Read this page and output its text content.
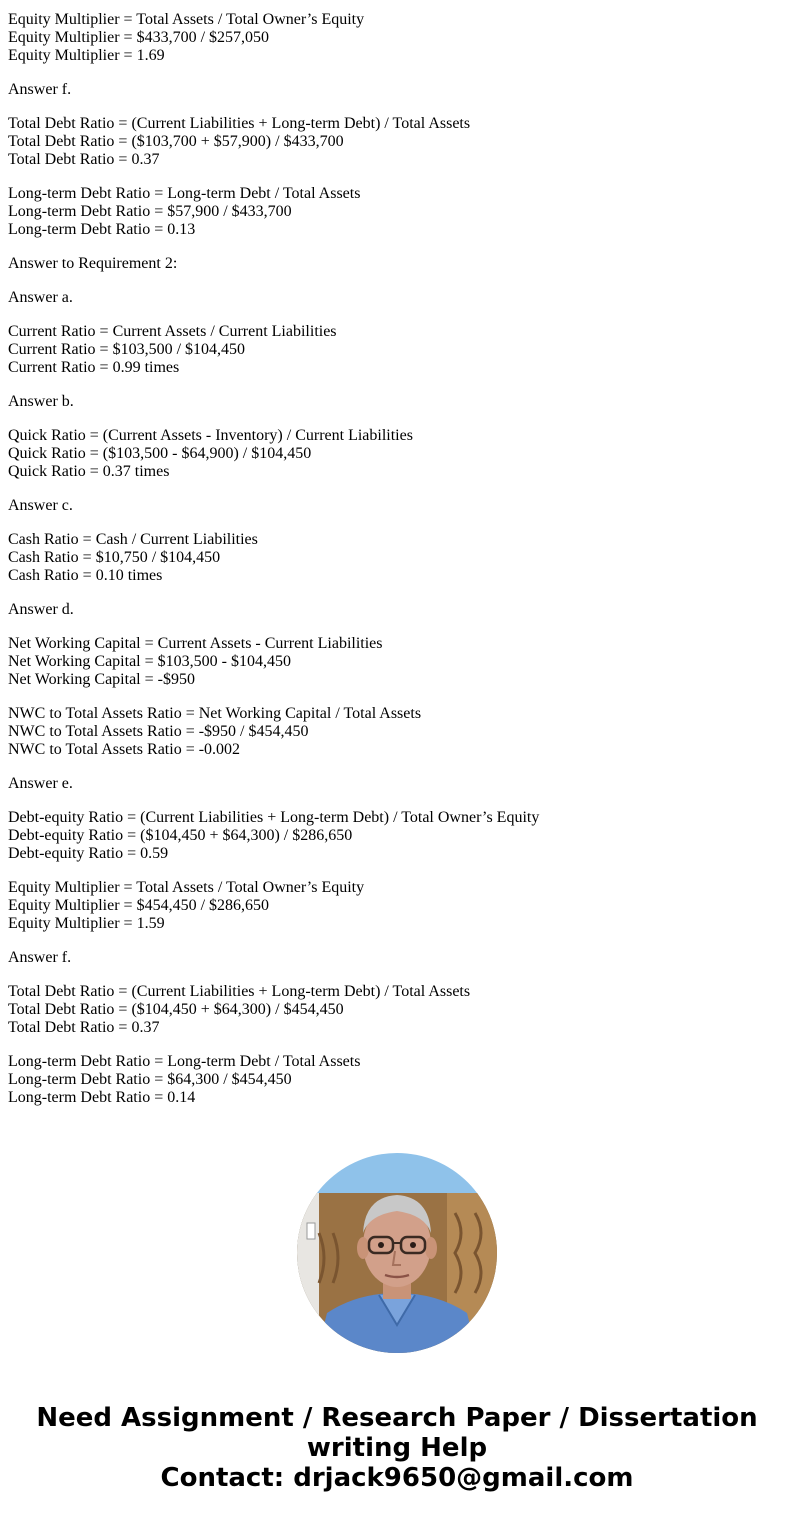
Equity Multiplier = Total Assets / Total Owner’s Equity
Equity Multiplier = $433,700 / $257,050
Equity Multiplier = 1.69
Answer f.
Total Debt Ratio = (Current Liabilities + Long-term Debt) / Total Assets
Total Debt Ratio = ($103,700 + $57,900) / $433,700
Total Debt Ratio = 0.37
Long-term Debt Ratio = Long-term Debt / Total Assets
Long-term Debt Ratio = $57,900 / $433,700
Long-term Debt Ratio = 0.13
Answer to Requirement 2:
Answer a.
Current Ratio = Current Assets / Current Liabilities
Current Ratio = $103,500 / $104,450
Current Ratio = 0.99 times
Answer b.
Quick Ratio = (Current Assets - Inventory) / Current Liabilities
Quick Ratio = ($103,500 - $64,900) / $104,450
Quick Ratio = 0.37 times
Answer c.
Cash Ratio = Cash / Current Liabilities
Cash Ratio = $10,750 / $104,450
Cash Ratio = 0.10 times
Answer d.
Net Working Capital = Current Assets - Current Liabilities
Net Working Capital = $103,500 - $104,450
Net Working Capital = -$950
NWC to Total Assets Ratio = Net Working Capital / Total Assets
NWC to Total Assets Ratio = -$950 / $454,450
NWC to Total Assets Ratio = -0.002
Answer e.
Debt-equity Ratio = (Current Liabilities + Long-term Debt) / Total Owner’s Equity
Debt-equity Ratio = ($104,450 + $64,300) / $286,650
Debt-equity Ratio = 0.59
Equity Multiplier = Total Assets / Total Owner’s Equity
Equity Multiplier = $454,450 / $286,650
Equity Multiplier = 1.59
Answer f.
Total Debt Ratio = (Current Liabilities + Long-term Debt) / Total Assets
Total Debt Ratio = ($104,450 + $64,300) / $454,450
Total Debt Ratio = 0.37
Long-term Debt Ratio = Long-term Debt / Total Assets
Long-term Debt Ratio = $64,300 / $454,450
Long-term Debt Ratio = 0.14
Need Assignment / Research Paper / Dissertation
writing Help
Contact: drjack9650@gmail.com
